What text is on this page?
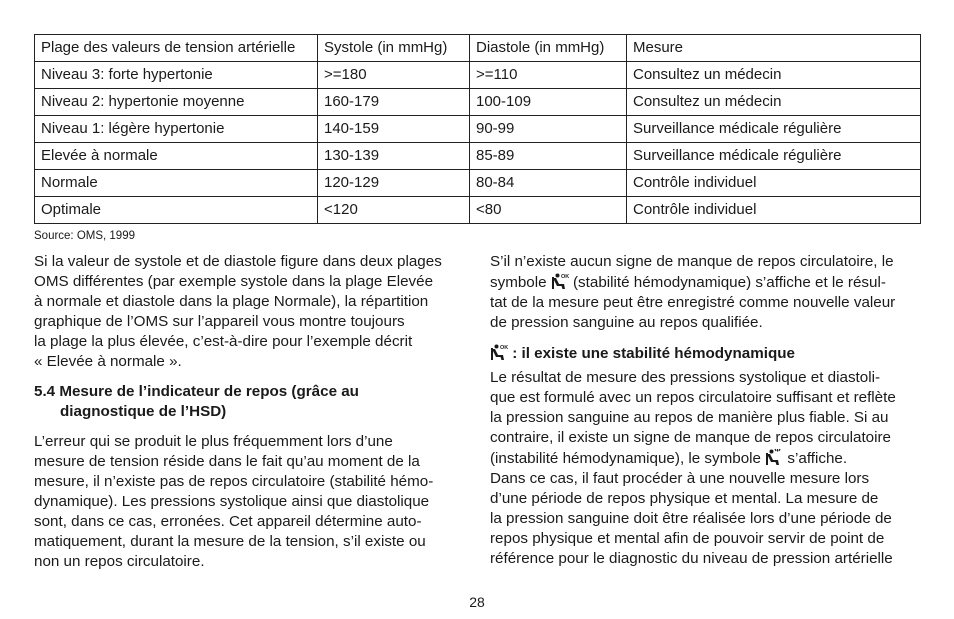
Plage des valeurs de tension artérielle	Systole (in mmHg)	Diastole (in mmHg)	Mesure
Niveau 3: forte hypertonie	>=180	>=110	Consultez un médecin
Niveau 2: hypertonie moyenne	160-179	100-109	Consultez un médecin
Niveau 1: légère hypertonie	140-159	90-99	Surveillance médicale régulière
Elevée à normale	130-139	85-89	Surveillance médicale régulière
Normale	120-129	80-84	Contrôle individuel
Optimale	<120	<80	Contrôle individuel
Source: OMS, 1999

Si la valeur de systole et de diastole figure dans deux plages
OMS différentes (par exemple systole dans la plage Elevée
à normale et diastole dans la plage Normale), la répartition
graphique de l’OMS sur l’appareil vous montre toujours
la plage la plus élevée, c’est-à-dire pour l’exemple décrit
« Elevée à normale ».

5.4 Mesure de l’indicateur de repos (grâce au
diagnostique de l’HSD)

L’erreur qui se produit le plus fréquemment lors d’une
mesure de tension réside dans le fait qu’au moment de la
mesure, il n’existe pas de repos circulatoire (stabilité hémo-
dynamique). Les pressions systolique ainsi que diastolique
sont, dans ce cas, erronées. Cet appareil détermine auto-
matiquement, durant la mesure de la tension, s’il existe ou
non un repos circulatoire.

S’il n’existe aucun signe de manque de repos circulatoire, le
symbole OK (stabilité hémodynamique) s’affiche et le résul-
tat de la mesure peut être enregistré comme nouvelle valeur
de pression sanguine au repos qualifiée.

OK : il existe une stabilité hémodynamique

Le résultat de mesure des pressions systolique et diastoli-
que est formulé avec un repos circulatoire suffisant et reflète
la pression sanguine au repos de manière plus fiable. Si au
contraire, il existe un signe de manque de repos circulatoire
(instabilité hémodynamique), le symbole  s’affiche.
Dans ce cas, il faut procéder à une nouvelle mesure lors
d’une période de repos physique et mental. La mesure de
la pression sanguine doit être réalisée lors d’une période de
repos physique et mental afin de pouvoir servir de point de
référence pour le diagnostic du niveau de pression artérielle

28
